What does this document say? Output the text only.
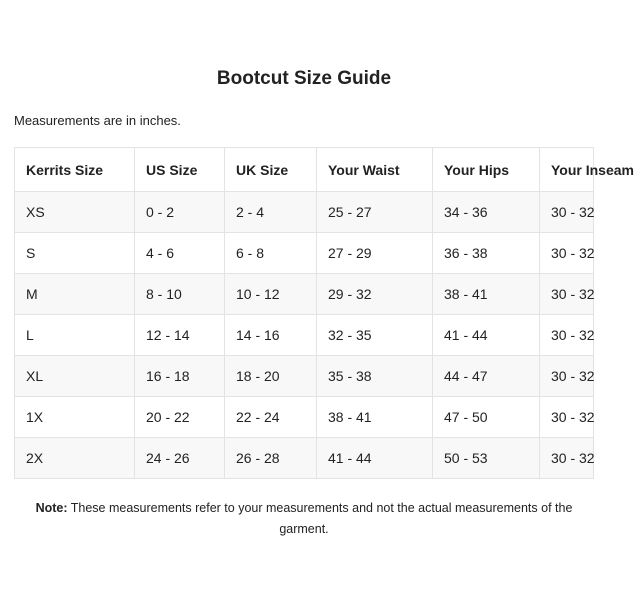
Bootcut Size Guide

Measurements are in inches.

Kerrits Size	US Size	UK Size	Your Waist	Your Hips	Your Inseam
XS	0 - 2	2 - 4	25 - 27	34 - 36	30 - 32
S	4 - 6	6 - 8	27 - 29	36 - 38	30 - 32
M	8 - 10	10 - 12	29 - 32	38 - 41	30 - 32
L	12 - 14	14 - 16	32 - 35	41 - 44	30 - 32
XL	16 - 18	18 - 20	35 - 38	44 - 47	30 - 32
1X	20 - 22	22 - 24	38 - 41	47 - 50	30 - 32
2X	24 - 26	26 - 28	41 - 44	50 - 53	30 - 32

Note: These measurements refer to your measurements and not the actual measurements of the garment.
